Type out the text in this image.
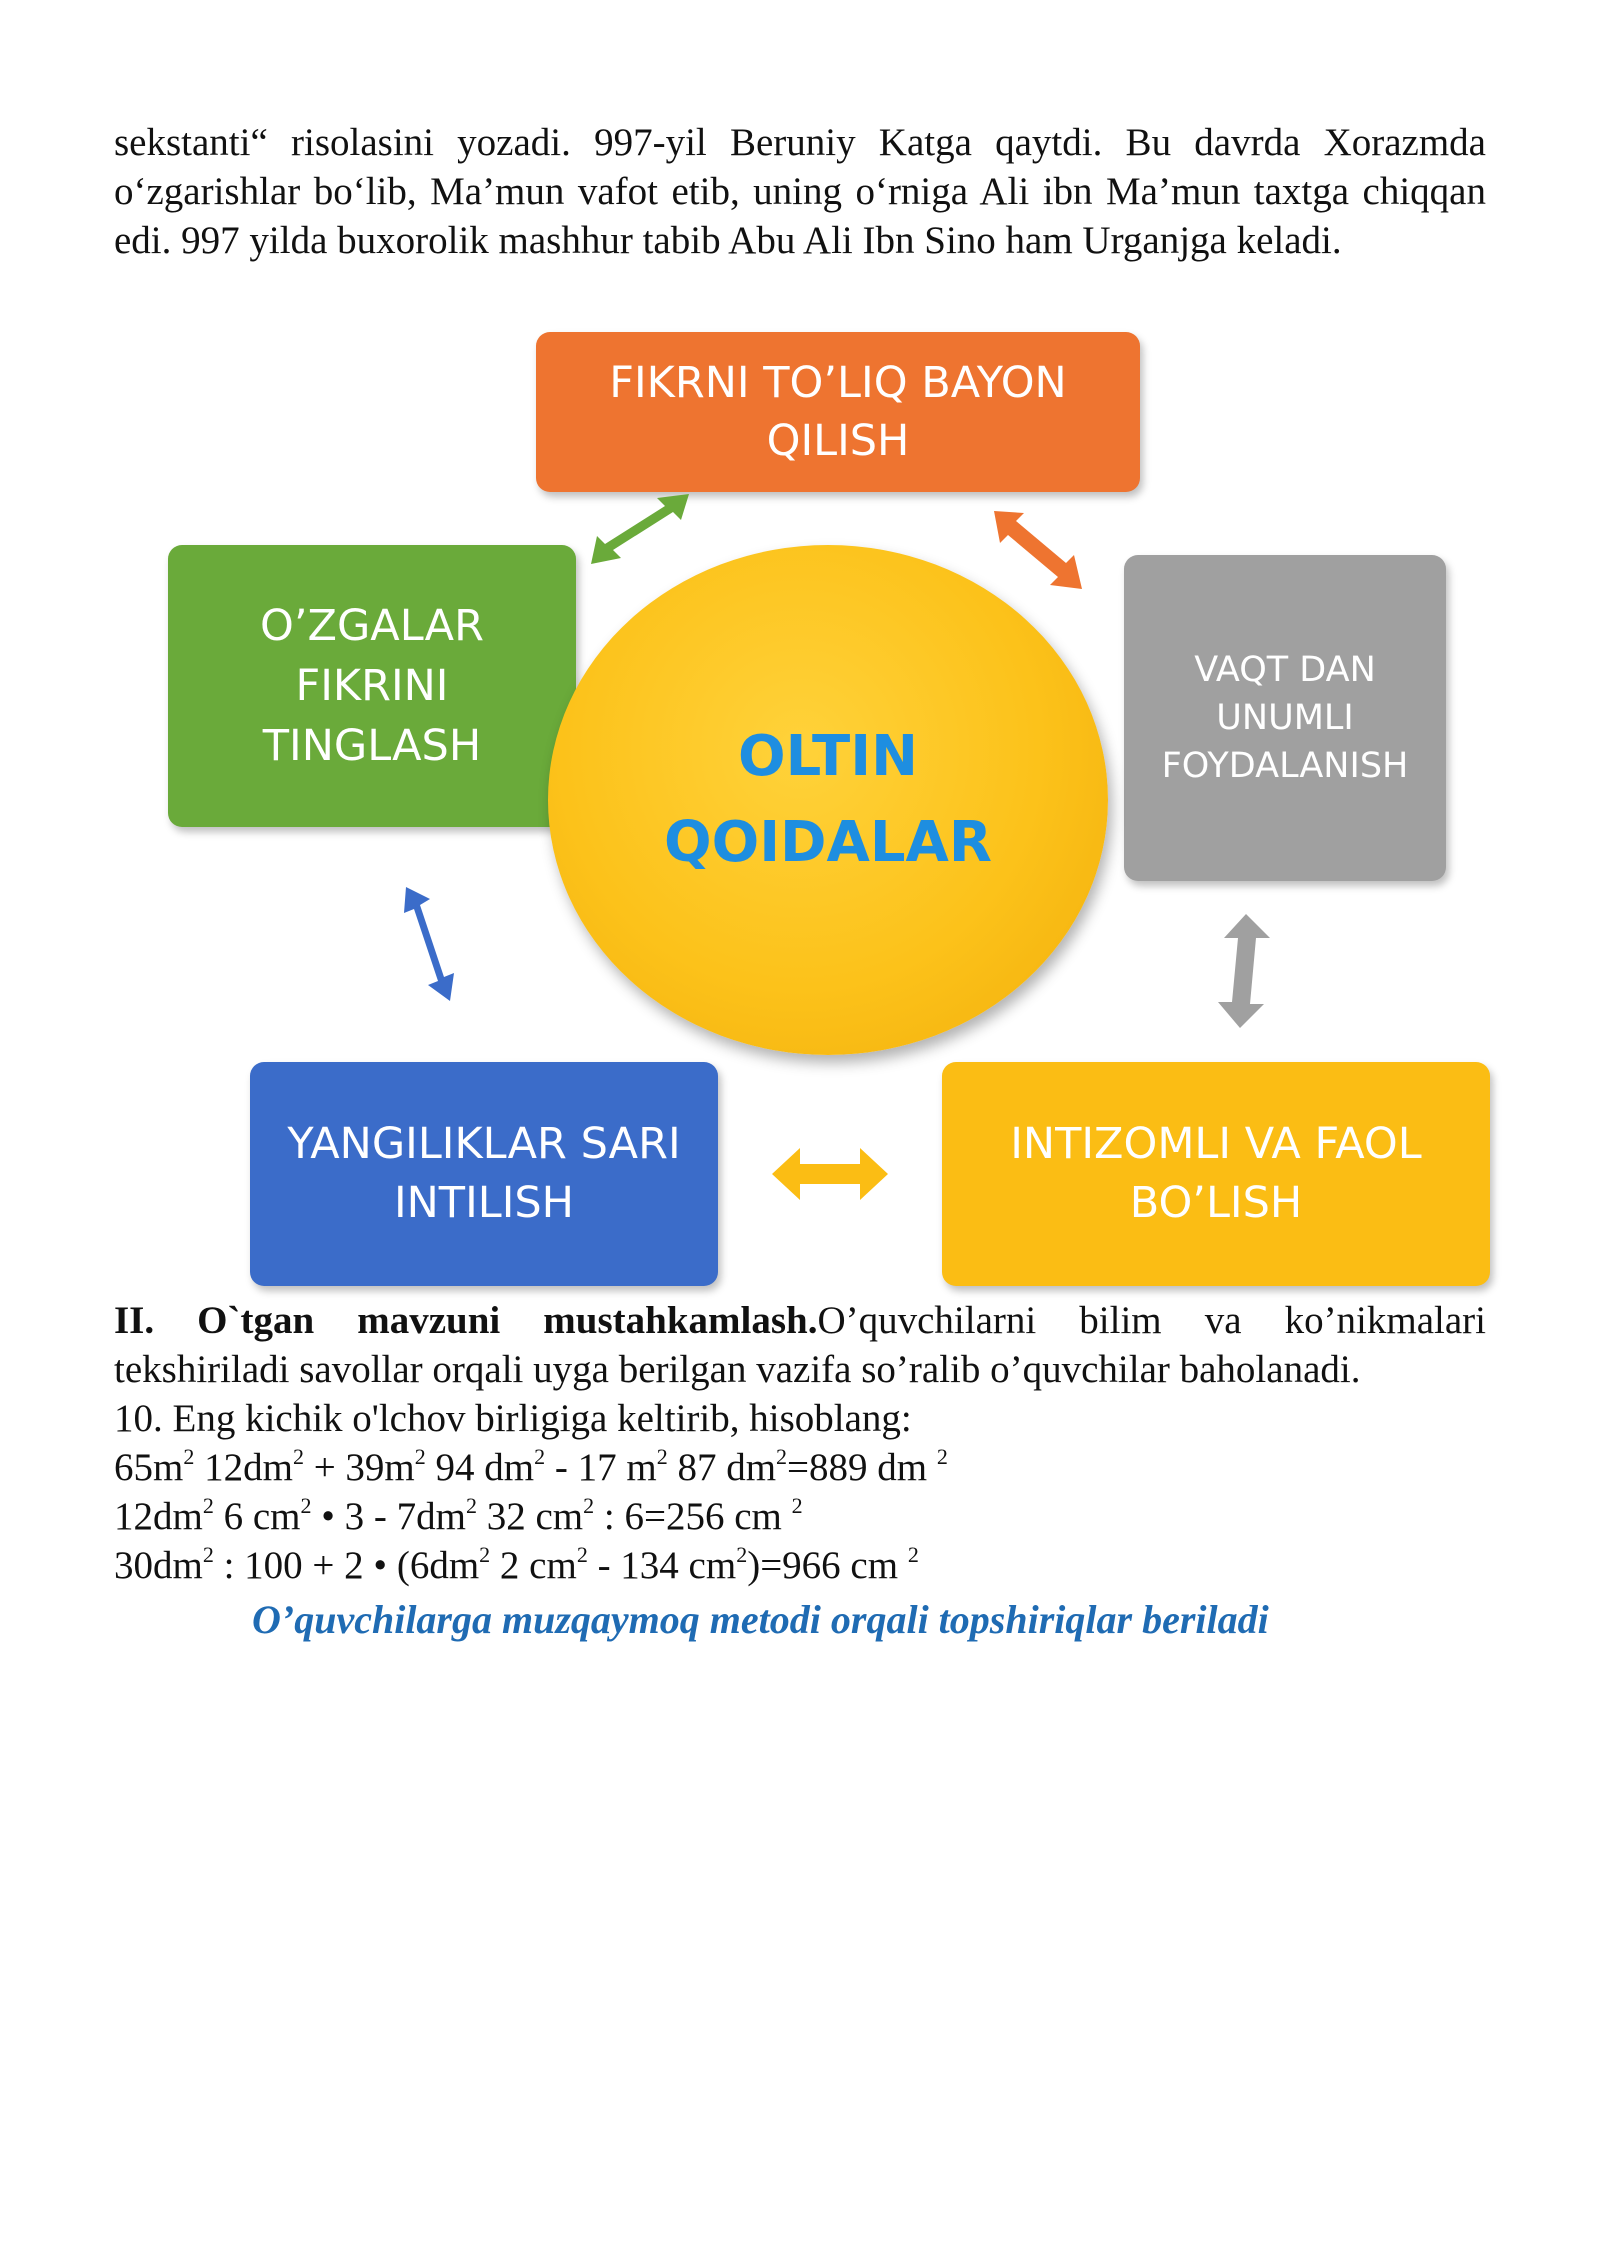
sekstanti“ risolasini yozadi. 997-yil Beruniy Katga qaytdi. Bu davrda Xorazmda o‘zgarishlar bo‘lib, Ma’mun vafot etib, uning o‘rniga Ali ibn Ma’mun taxtga chiqqan edi. 997 yilda buxorolik mashhur tabib Abu Ali Ibn Sino ham Urganjga keladi.
FIKRNI TO’LIQ BAYON
QILISH
O’ZGALAR
FIKRINI
TINGLASH
VAQT DAN
UNUMLI
FOYDALANISH
YANGILIKLAR SARI
INTILISH
INTIZOMLI VA FAOL
BO’LISH
OLTIN
QOIDALAR
II. O`tgan mavzuni mustahkamlash.O’quvchilarni bilim va ko’nikmalari
tekshiriladi savollar orqali uyga berilgan vazifa so’ralib o’quvchilar baholanadi.
10. Eng kichik o'lchov birligiga keltirib, hisoblang:
$65m^2$ $12dm^2 + 39m^2$ 94 $dm^2 - 17$ $m^2$ 87 $dm^2=889$ dm $^2$
$12dm^2$ 6 $cm^2$ • $3 - 7dm^2$ 32 $cm^2$ : 6=256 cm $^2$
$30dm^2$ : 100 + 2 • ($6dm^2$ 2 $cm^2 - 134$ $cm^2)=966$ cm $^2$
O’quvchilarga muzqaymoq metodi orqali topshiriqlar beriladi
